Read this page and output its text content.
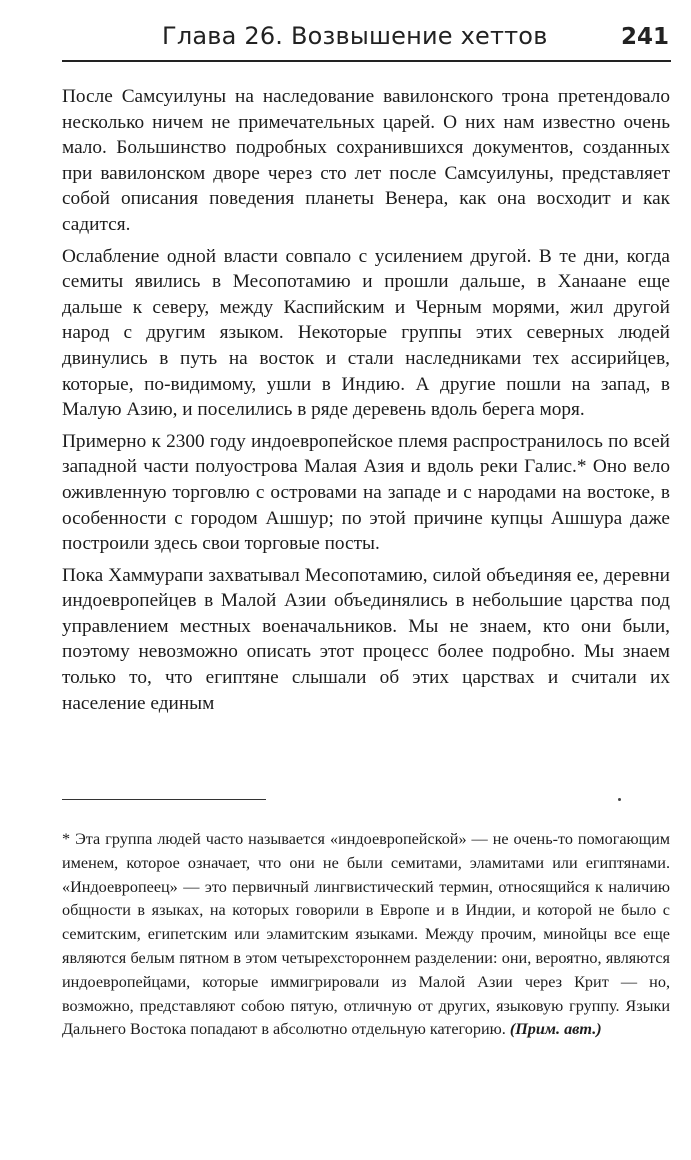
Глава 26. Возвышение хеттов	241

После Самсуилуны на наследование вавилонского трона претендовало несколько ничем не примечательных царей. О них нам известно очень мало. Большинство подробных сохранившихся документов, созданных при вавилонском дворе через сто лет после Самсуилуны, представляет собой описания поведения планеты Венера, как она восходит и как садится.

Ослабление одной власти совпало с усилением другой. В те дни, когда семиты явились в Месопотамию и прошли дальше, в Ханаане еще дальше к северу, между Каспийским и Черным морями, жил другой народ с другим языком. Некоторые группы этих северных людей двинулись в путь на восток и стали наследниками тех ассирийцев, которые, по-видимому, ушли в Индию. А другие пошли на запад, в Малую Азию, и поселились в ряде деревень вдоль берега моря.

Примерно к 2300 году индоевропейское племя распространилось по всей западной части полуострова Малая Азия и вдоль реки Галис.* Оно вело оживленную торговлю с островами на западе и с народами на востоке, в особенности с городом Ашшур; по этой причине купцы Ашшура даже построили здесь свои торговые посты.

Пока Хаммурапи захватывал Месопотамию, силой объединяя ее, деревни индоевропейцев в Малой Азии объединялись в небольшие царства под управлением местных военачальников. Мы не знаем, кто они были, поэтому невозможно описать этот процесс более подробно. Мы знаем только то, что египтяне слышали об этих царствах и считали их население единым

* Эта группа людей часто называется «индоевропейской» — не очень-то помогающим именем, которое означает, что они не были семитами, эламитами или египтянами. «Индоевропеец» — это первичный лингвистический термин, относящийся к наличию общности в языках, на которых говорили в Европе и в Индии, и которой не было с семитским, египетским или эламитским языками. Между прочим, минойцы все еще являются белым пятном в этом четырехстороннем разделении: они, вероятно, являются индоевропейцами, которые иммигрировали из Малой Азии через Крит — но, возможно, представляют собою пятую, отличную от других, языковую группу. Языки Дальнего Востока попадают в абсолютно отдельную категорию. (Прим. авт.)
